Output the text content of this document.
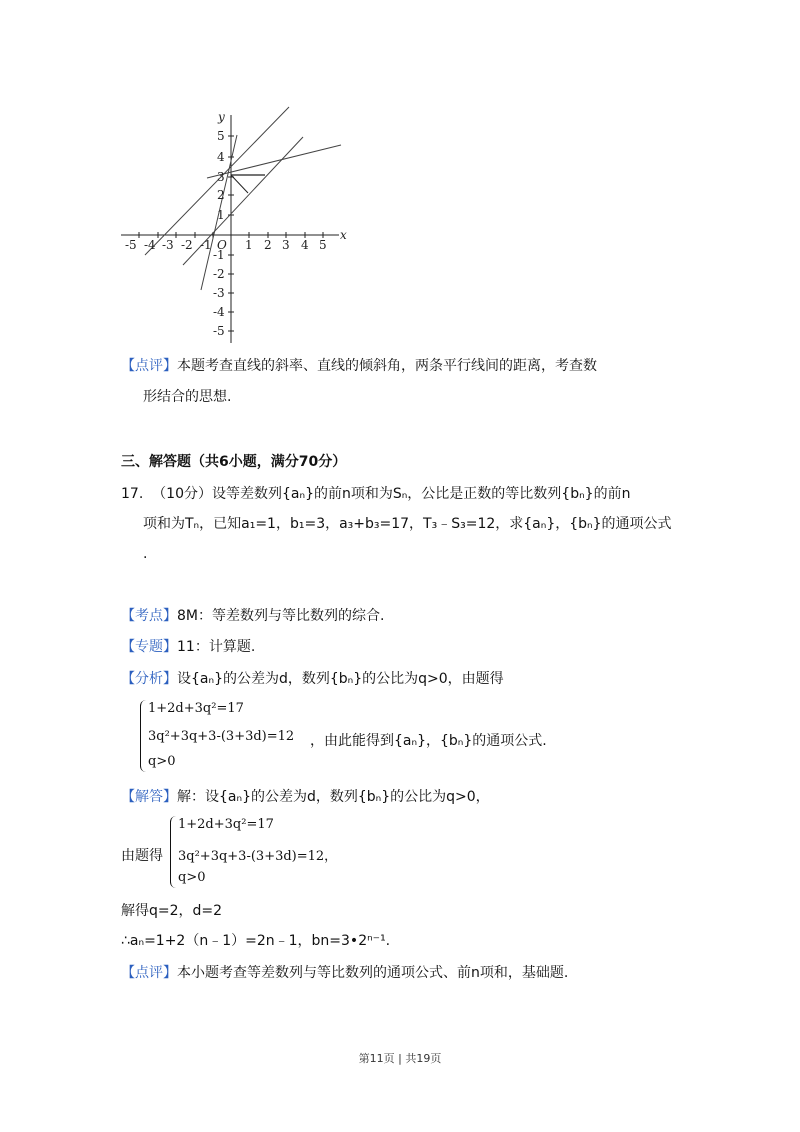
x
y
O
-5 -4 -3 -2 -1	1 2 3 4 5
5
4
3
2
1
-1
-2
-3
-4
-5
【点评】本题考查直线的斜率、直线的倾斜角，两条平行线间的距离，考查数
形结合的思想.
三、解答题（共6小题，满分70分）
17. （10分）设等差数列{aₙ}的前n项和为Sₙ，公比是正数的等比数列{bₙ}的前n
项和为Tₙ，已知a₁=1，b₁=3，a₃+b₃=17，T₃﹣S₃=12，求{aₙ}，{bₙ}的通项公式
.
【考点】8M：等差数列与等比数列的综合.
【专题】11：计算题.
【分析】设{aₙ}的公差为d，数列{bₙ}的公比为q>0，由题得
1+2d+3q²=17
3q²+3q+3-(3+3d)=12
q>0
，由此能得到{aₙ}，{bₙ}的通项公式.
【解答】解：设{aₙ}的公差为d，数列{bₙ}的公比为q>0，
由题得
1+2d+3q²=17
3q²+3q+3-(3+3d)=12，
q>0
解得q=2，d=2
∴aₙ=1+2（n﹣1）=2n﹣1，bn=3•2ⁿ⁻¹.
【点评】本小题考查等差数列与等比数列的通项公式、前n项和，基础题.
第11页 | 共19页
